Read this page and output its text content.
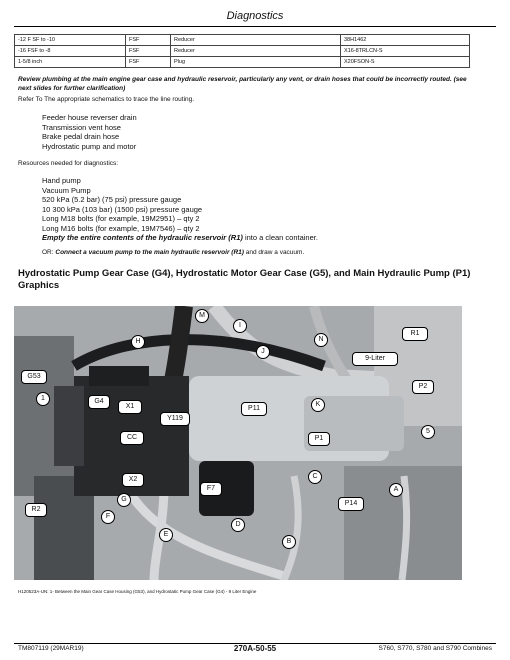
Diagnostics
-12 F SF to -10	FSF	Reducer	38H1462
-16 FSF to -8	FSF	Reducer	X16-8TRLCN-S
1-5/8 inch	FSF	Plug	X20FSON-S
Review plumbing at the main engine gear case and hydraulic reservoir, particularly any vent, or drain hoses that could be incorrectly routed. (see next slides for further clarification)
Refer To The appropriate schematics to trace the line routing.
Feeder house reverser drain
Transmission vent hose
Brake pedal drain hose
Hydrostatic pump and motor
Resources needed for diagnostics:
Hand pump
Vacuum Pump
520 kPa (5.2 bar) (75 psi) pressure gauge
10 300 kPa (103 bar) (1500 psi) pressure gauge
Long M18 bolts (for example, 19M2951) – qty 2
Long M16 bolts (for example, 19M7546) – qty 2
Empty the entire contents of the hydraulic reservoir (R1) into a clean container.
OR: Connect a vacuum pump to the main hydraulic reservoir (R1) and draw a vacuum.
Hydrostatic Pump Gear Case (G4), Hydrostatic Motor Gear Case (G5), and Main Hydraulic Pump (P1) Graphics
M
H
I
R1
N
J
9-Liter
G53
1
P2
G4
X1	P11
K
Y119
5
CC	P1
C
X2
F7	A
G
P14
F
R2
E
D
B
H120523A-UN: 1- Between the Main Gear Case Housing (G53), and Hydrostatic Pump Gear Case (G4) - 9 Liter Engine
TM807119 (29MAR19)	270A-50-55	S760, S770, S780 and S790 Combines
